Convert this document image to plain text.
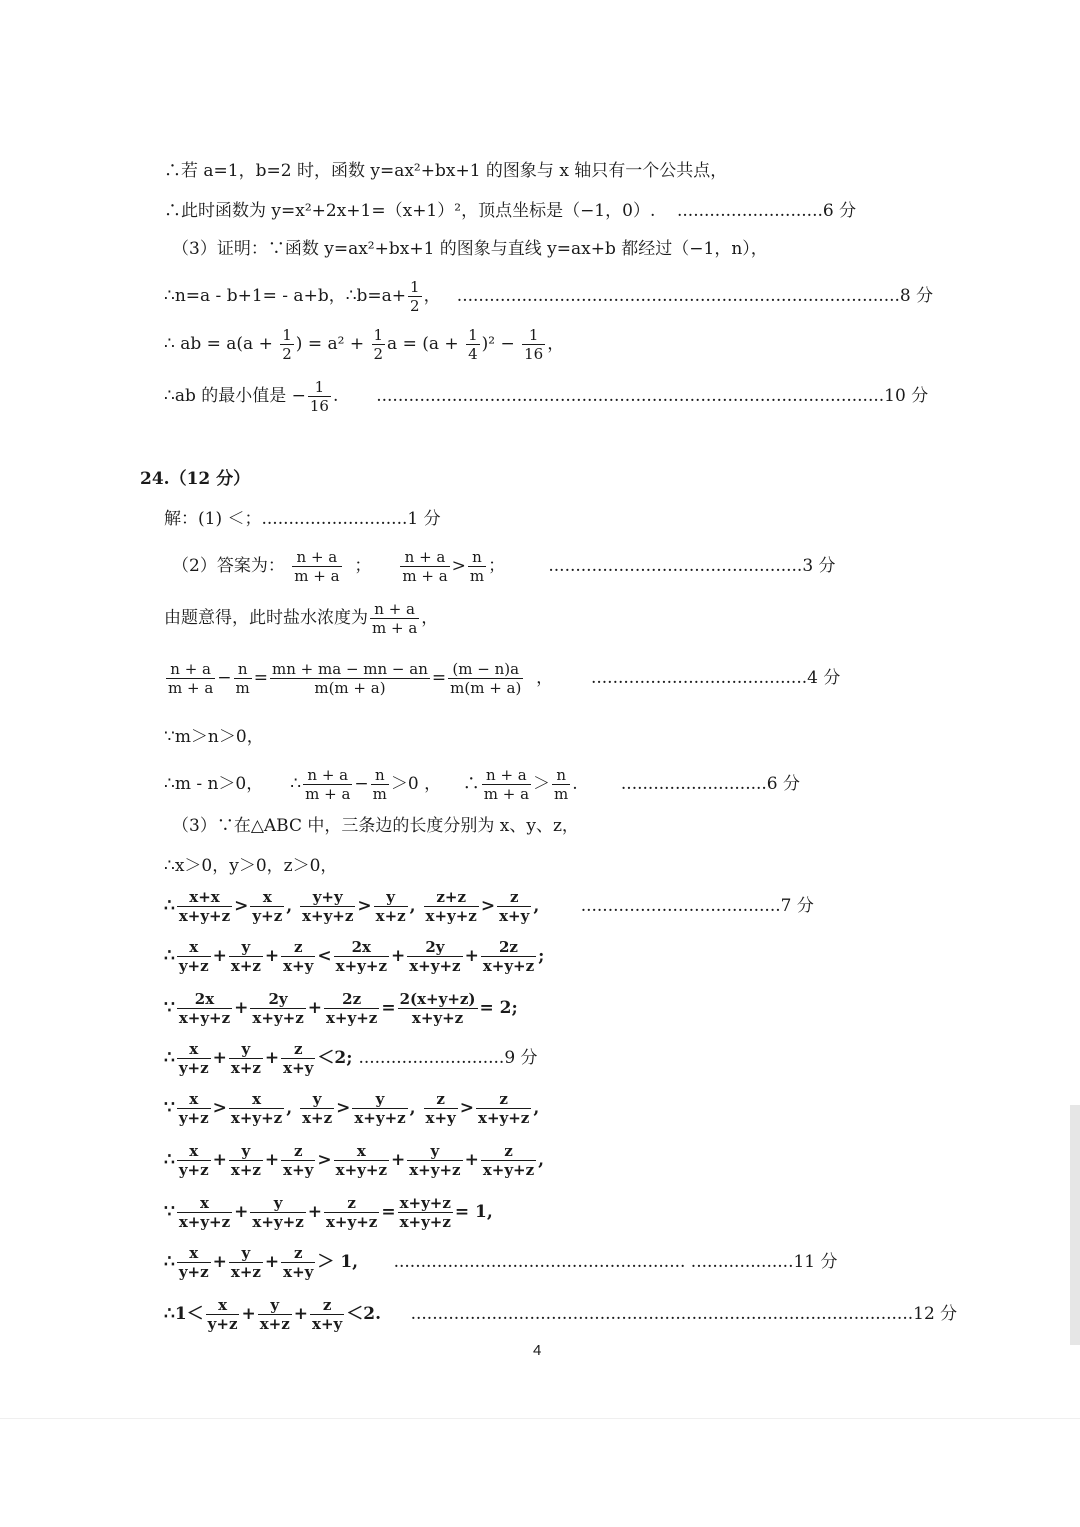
∴若 a=1，b=2 时，函数 y=ax²+bx+1 的图象与 x 轴只有一个公共点，
∴此时函数为 y=x²+2x+1=（x+1）²，顶点坐标是（−1，0）. ...........................6 分
（3）证明：∵函数 y=ax²+bx+1 的图象与直线 y=ax+b 都经过（−1，n），
∴n=a - b+1= - a+b，∴b=a+ $\frac{1}{2}$ ， ..................................................................................8 分
∴ ab = $a(a + \frac{1}{2}$ ) = $a^2 + \frac{1}{2}$ $a = (a + \frac{1}{4} )^2 - \frac{1}{16}$ ，
∴ab 的最小值是 − $\frac{1}{16}$ . ..............................................................................................10 分
24.（12 分）
解：(1) ＜；...........................1 分
（2）答案为： $\frac{n + a}{m + a}$ ； $\frac{n + a}{m + a} > \frac{n}{m}$ ；	...............................................3 分
由题意得，此时盐水浓度为 $\frac{n + a}{m + a}$ ，
$\frac{n + a}{m + a} - \frac{n}{m} = \frac{mn + ma - mn - an}{m(m + a)} = \frac{(m - n)a}{m(m + a)}$ ， ........................................4 分
∵m＞n＞0，
∴m - n＞0， ∴ $\frac{n + a}{m + a} - \frac{n}{m} >0$ ， ∴ $\frac{n + a}{m + a} > \frac{n}{m}$ .	...........................6 分
（3）∵在△ABC 中，三条边的长度分别为 x、y、z，
∴x＞0，y＞0，z＞0，
∴ $\frac{x+x}{x+y+z} > \frac{x}{y+z}$ , $\frac{y+y}{x+y+z} > \frac{y}{x+z}$ , $\frac{z+z}{x+y+z} > \frac{z}{x+y}$ , .....................................7 分
∴ $\frac{x}{y+z} + \frac{y}{x+z} + \frac{z}{x+y} < \frac{2x}{x+y+z} + \frac{2y}{x+y+z} + \frac{2z}{x+y+z}$ ;
∵ $\frac{2x}{x+y+z} + \frac{2y}{x+y+z} + \frac{2z}{x+y+z} = \frac{2(x+y+z)}{x+y+z} = 2$;
∴ $\frac{x}{y+z} + \frac{y}{x+z} + \frac{z}{x+y} <2$; ...........................9 分
∵ $\frac{x}{y+z} > \frac{x}{x+y+z}$ , $\frac{y}{x+z} > \frac{y}{x+y+z}$ , $\frac{z}{x+y} > \frac{z}{x+y+z}$ ,
∴ $\frac{x}{y+z} + \frac{y}{x+z} + \frac{z}{x+y} > \frac{x}{x+y+z} + \frac{y}{x+y+z} + \frac{z}{x+y+z}$ ,
∵ $\frac{x}{x+y+z} + \frac{y}{x+y+z} + \frac{z}{x+y+z} = \frac{x+y+z}{x+y+z} = 1$,
∴ $\frac{x}{y+z} + \frac{y}{x+z} + \frac{z}{x+y} > 1$, ...................................................... ...................11 分
∴1＜ $\frac{x}{y+z} + \frac{y}{x+z} + \frac{z}{x+y} <2$. .............................................................................................12 分
4
